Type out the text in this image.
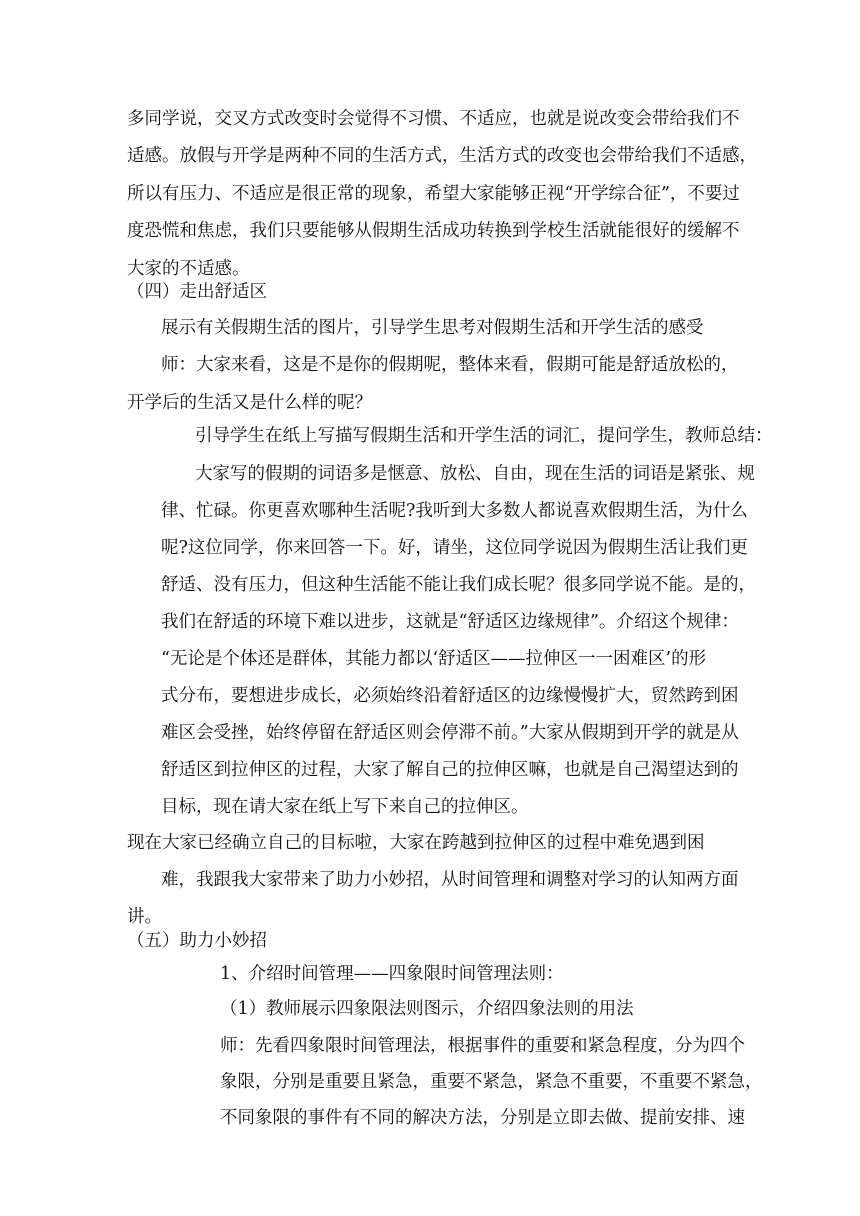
多同学说，交叉方式改变时会觉得不习惯、不适应，也就是说改变会带给我们不

适感。放假与开学是两种不同的生活方式，生活方式的改变也会带给我们不适感，

所以有压力、不适应是很正常的现象，希望大家能够正视“开学综合征”，不要过

度恐慌和焦虑，我们只要能够从假期生活成功转换到学校生活就能很好的缓解不

大家的不适感。

（四）走出舒适区

展示有关假期生活的图片，引导学生思考对假期生活和开学生活的感受

师：大家来看，这是不是你的假期呢，整体来看，假期可能是舒适放松的，

开学后的生活又是什么样的呢？

引导学生在纸上写描写假期生活和开学生活的词汇，提问学生，教师总结：

大家写的假期的词语多是惬意、放松、自由，现在生活的词语是紧张、规

律、忙碌。你更喜欢哪种生活呢?我听到大多数人都说喜欢假期生活，为什么

呢?这位同学，你来回答一下。好，请坐，这位同学说因为假期生活让我们更

舒适、没有压力，但这种生活能不能让我们成长呢？很多同学说不能。是的，

我们在舒适的环境下难以进步，这就是“舒适区边缘规律”。介绍这个规律：

“无论是个体还是群体，其能力都以‘舒适区——拉伸区一一困难区’的形

式分布，要想进步成长，必须始终沿着舒适区的边缘慢慢扩大，贸然跨到困

难区会受挫，始终停留在舒适区则会停滞不前。”大家从假期到开学的就是从

舒适区到拉伸区的过程，大家了解自己的拉伸区嘛，也就是自己渴望达到的

目标，现在请大家在纸上写下来自己的拉伸区。

现在大家已经确立自己的目标啦，大家在跨越到拉伸区的过程中难免遇到困

难，我跟我大家带来了助力小妙招，从时间管理和调整对学习的认知两方面

讲。

（五）助力小妙招

1、介绍时间管理——四象限时间管理法则：

（1）教师展示四象限法则图示，介绍四象法则的用法

师：先看四象限时间管理法，根据事件的重要和紧急程度，分为四个

象限，分别是重要且紧急，重要不紧急，紧急不重要，不重要不紧急，

不同象限的事件有不同的解决方法，分别是立即去做、提前安排、速
